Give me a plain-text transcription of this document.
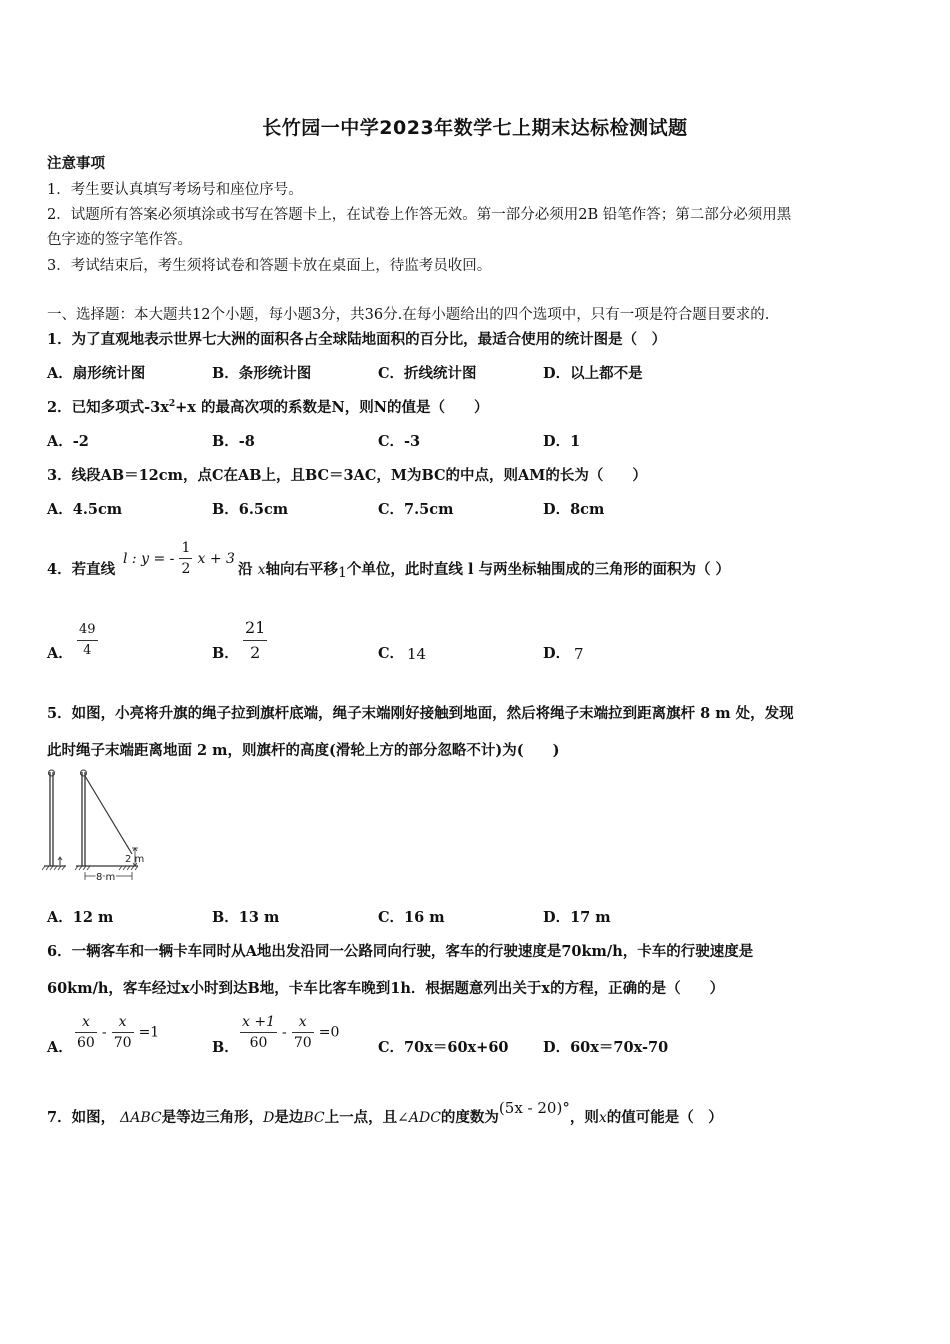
长竹园一中学2023年数学七上期末达标检测试题
注意事项
1．考生要认真填写考场号和座位序号。
2．试题所有答案必须填涂或书写在答题卡上，在试卷上作答无效。第一部分必须用2B 铅笔作答；第二部分必须用黑
色字迹的签字笔作答。
3．考试结束后，考生须将试卷和答题卡放在桌面上，待监考员收回。
一、选择题：本大题共12个小题，每小题3分，共36分.在每小题给出的四个选项中，只有一项是符合题目要求的.
1．为了直观地表示世界七大洲的面积各占全球陆地面积的百分比，最适合使用的统计图是（　）
A．扇形统计图	B．条形统计图	C．折线统计图	D．以上都不是
2．已知多项式$-3x^2+x$ 的最高次项的系数是N，则N的值是（　　）
A．-2	B．-8	C．-3	D．1
3．线段AB＝12cm，点C在AB上，且BC＝3AC，M为BC的中点，则AM的长为（　　）
A．4.5cm	B．6.5cm	C．7.5cm	D．8cm
4．若直线
l : y = - $\frac{1}{2}$ x + 3
沿 x轴向右平移1个单位，此时直线 l 与两坐标轴围成的三角形的面积为（ ）
A． $\frac{49}{4}$	B． $\frac{21}{2}$	C． 14	D． 7
5．如图，小亮将升旗的绳子拉到旗杆底端，绳子末端刚好接触到地面，然后将绳子末端拉到距离旗杆 8 m 处，发现
此时绳子末端距离地面 2 m，则旗杆的高度(滑轮上方的部分忽略不计)为(　　)
2 m
8 m
A．12 m	B．13 m	C．16 m	D．17 m
6．一辆客车和一辆卡车同时从A地出发沿同一公路同向行驶，客车的行驶速度是70km/h，卡车的行驶速度是
60km/h，客车经过x小时到达B地，卡车比客车晚到1h．根据题意列出关于x的方程，正确的是（　　）
A． $\frac{x}{60} - \frac{x}{70} =1$
B． $\frac{x +1}{60} - \frac{x}{70} =0$
C．70x＝60x+60 D．60x＝70x-70
7．如图， ΔABC是等边三角形，D是边BC上一点，且∠ADC的度数为(5x - 20)°，则x的值可能是（　）
